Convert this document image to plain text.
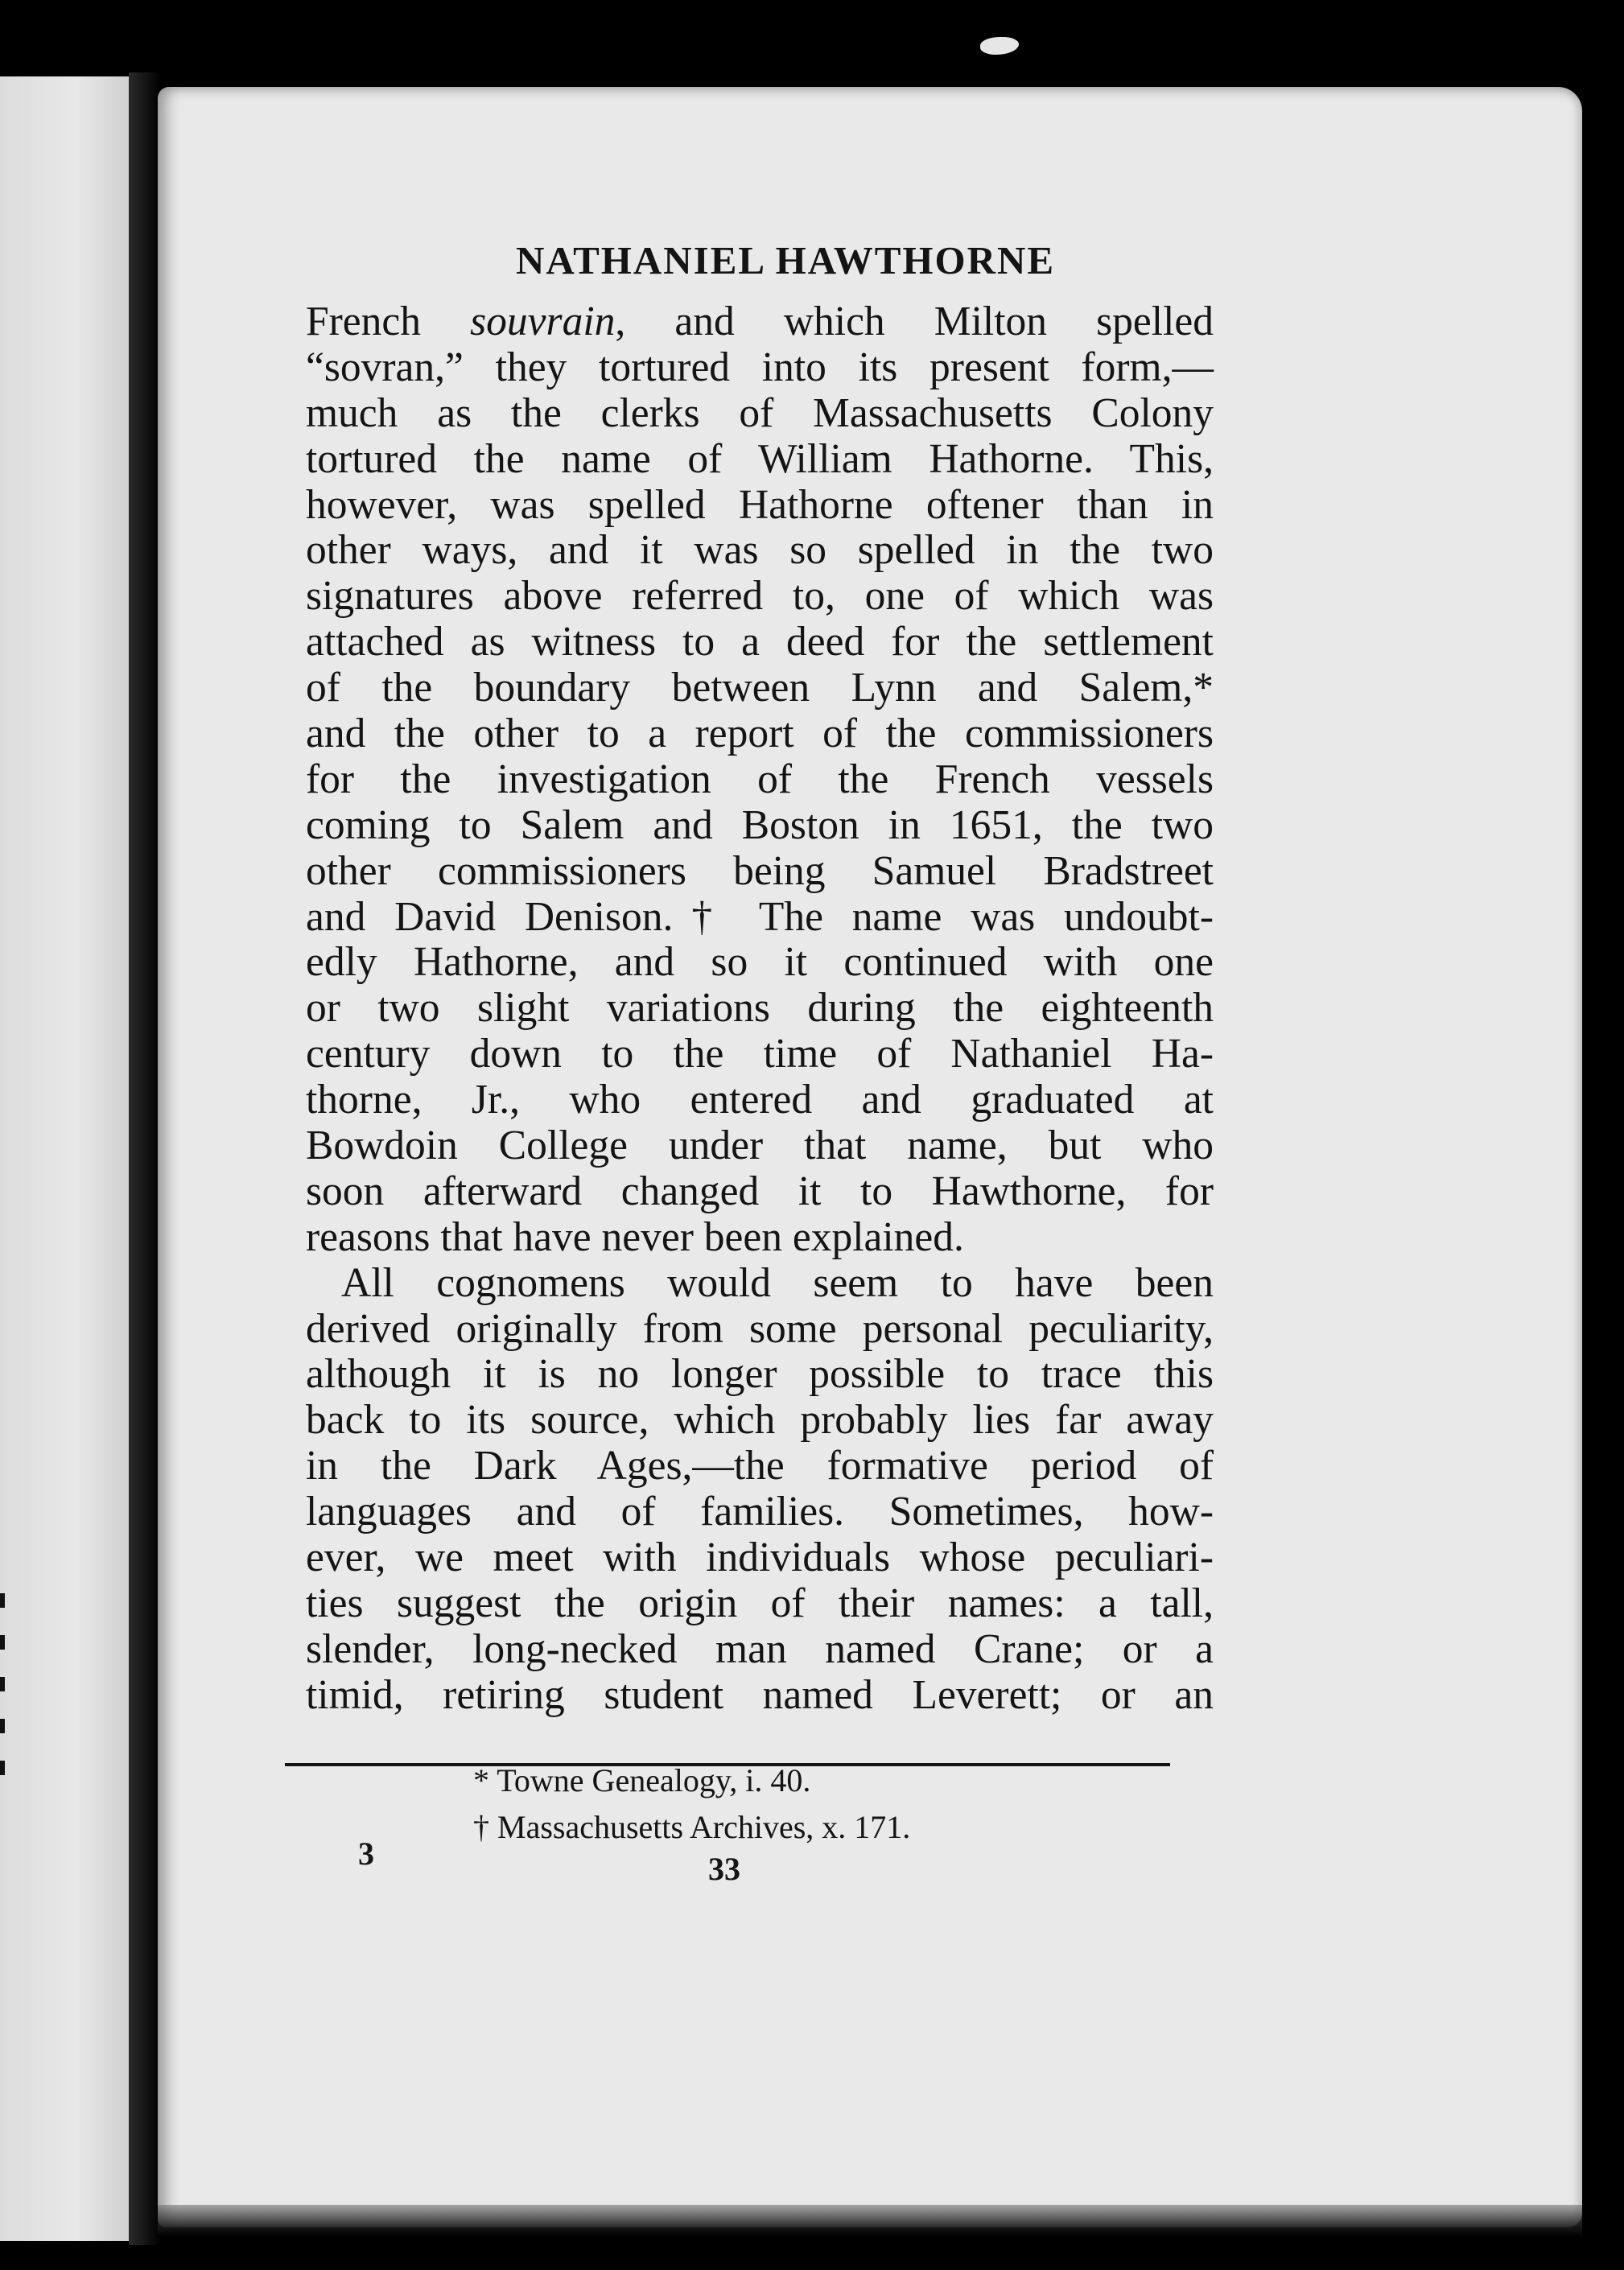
NATHANIEL HAWTHORNE
French souvrain, and which Milton spelled
“sovran,” they tortured into its present form,—
much as the clerks of Massachusetts Colony
tortured the name of William Hathorne. This,
however, was spelled Hathorne oftener than in
other ways, and it was so spelled in the two
signatures above referred to, one of which was
attached as witness to a deed for the settlement
of the boundary between Lynn and Salem,*
and the other to a report of the commissioners
for the investigation of the French vessels
coming to Salem and Boston in 1651, the two
other commissioners being Samuel Bradstreet
and David Denison.† The name was undoubt-
edly Hathorne, and so it continued with one
or two slight variations during the eighteenth
century down to the time of Nathaniel Ha-
thorne, Jr., who entered and graduated at
Bowdoin College under that name, but who
soon afterward changed it to Hawthorne, for
reasons that have never been explained.
All cognomens would seem to have been
derived originally from some personal peculiarity,
although it is no longer possible to trace this
back to its source, which probably lies far away
in the Dark Ages,—the formative period of
languages and of families. Sometimes, how-
ever, we meet with individuals whose peculiari-
ties suggest the origin of their names: a tall,
slender, long-necked man named Crane; or a
timid, retiring student named Leverett; or an
* Towne Genealogy, i. 40.
† Massachusetts Archives, x. 171.
3	33
